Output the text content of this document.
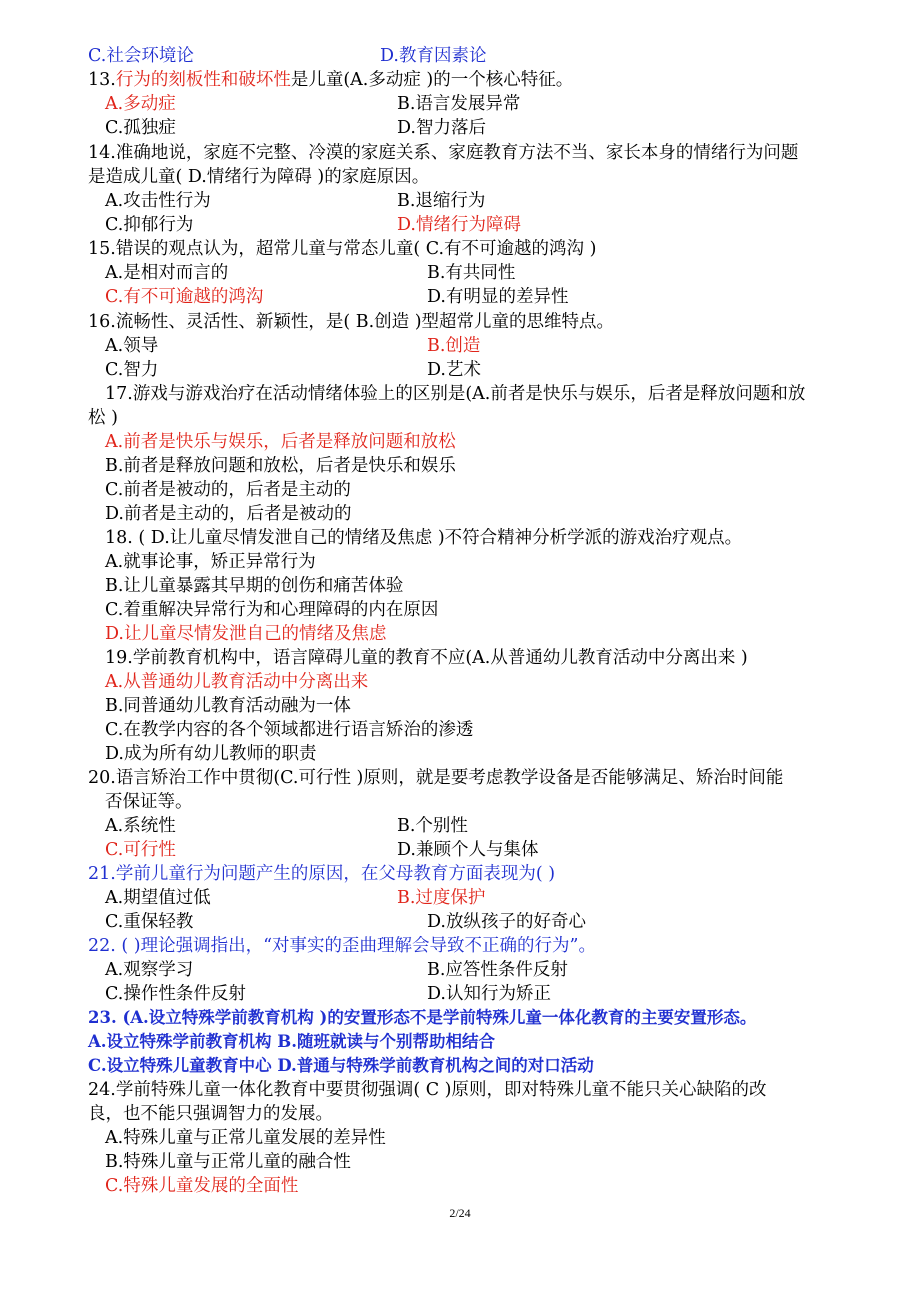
C.社会环境论	D.教育因素论
13.行为的刻板性和破坏性是儿童(A.多动症 )的一个核心特征。
A.多动症	B.语言发展异常
C.孤独症	D.智力落后
14.准确地说，家庭不完整、冷漠的家庭关系、家庭教育方法不当、家长本身的情绪行为问题
是造成儿童( D.情绪行为障碍 )的家庭原因。
A.攻击性行为	B.退缩行为
C.抑郁行为	D.情绪行为障碍
15.错误的观点认为，超常儿童与常态儿童( C.有不可逾越的鸿沟 )
A.是相对而言的	B.有共同性
C.有不可逾越的鸿沟	D.有明显的差异性
16.流畅性、灵活性、新颖性，是( B.创造 )型超常儿童的思维特点。
A.领导	B.创造
C.智力	D.艺术
17.游戏与游戏治疗在活动情绪体验上的区别是(A.前者是快乐与娱乐，后者是释放问题和放
松 )
A.前者是快乐与娱乐，后者是释放问题和放松
B.前者是释放问题和放松，后者是快乐和娱乐
C.前者是被动的，后者是主动的
D.前者是主动的，后者是被动的
18. ( D.让儿童尽情发泄自己的情绪及焦虑 )不符合精神分析学派的游戏治疗观点。
A.就事论事，矫正异常行为
B.让儿童暴露其早期的创伤和痛苦体验
C.着重解决异常行为和心理障碍的内在原因
D.让儿童尽情发泄自己的情绪及焦虑
19.学前教育机构中，语言障碍儿童的教育不应(A.从普通幼儿教育活动中分离出来 )
A.从普通幼儿教育活动中分离出来
B.同普通幼儿教育活动融为一体
C.在教学内容的各个领域都进行语言矫治的渗透
D.成为所有幼儿教师的职责
20.语言矫治工作中贯彻(C.可行性 )原则，就是要考虑教学设备是否能够满足、矫治时间能
否保证等。
A.系统性	B.个别性
C.可行性	D.兼顾个人与集体
21.学前儿童行为问题产生的原因，在父母教育方面表现为( )
A.期望值过低	B.过度保护
C.重保轻教	D.放纵孩子的好奇心
22. ( )理论强调指出，“对事实的歪曲理解会导致不正确的行为”。
A.观察学习	B.应答性条件反射
C.操作性条件反射	D.认知行为矫正
23. (A.设立特殊学前教育机构 )的安置形态不是学前特殊儿童一体化教育的主要安置形态。
A.设立特殊学前教育机构 B.随班就读与个别帮助相结合
C.设立特殊儿童教育中心 D.普通与特殊学前教育机构之间的对口活动
24.学前特殊儿童一体化教育中要贯彻强调( C )原则，即对特殊儿童不能只关心缺陷的改
良，也不能只强调智力的发展。
A.特殊儿童与正常儿童发展的差异性
B.特殊儿童与正常儿童的融合性
C.特殊儿童发展的全面性
2/24
